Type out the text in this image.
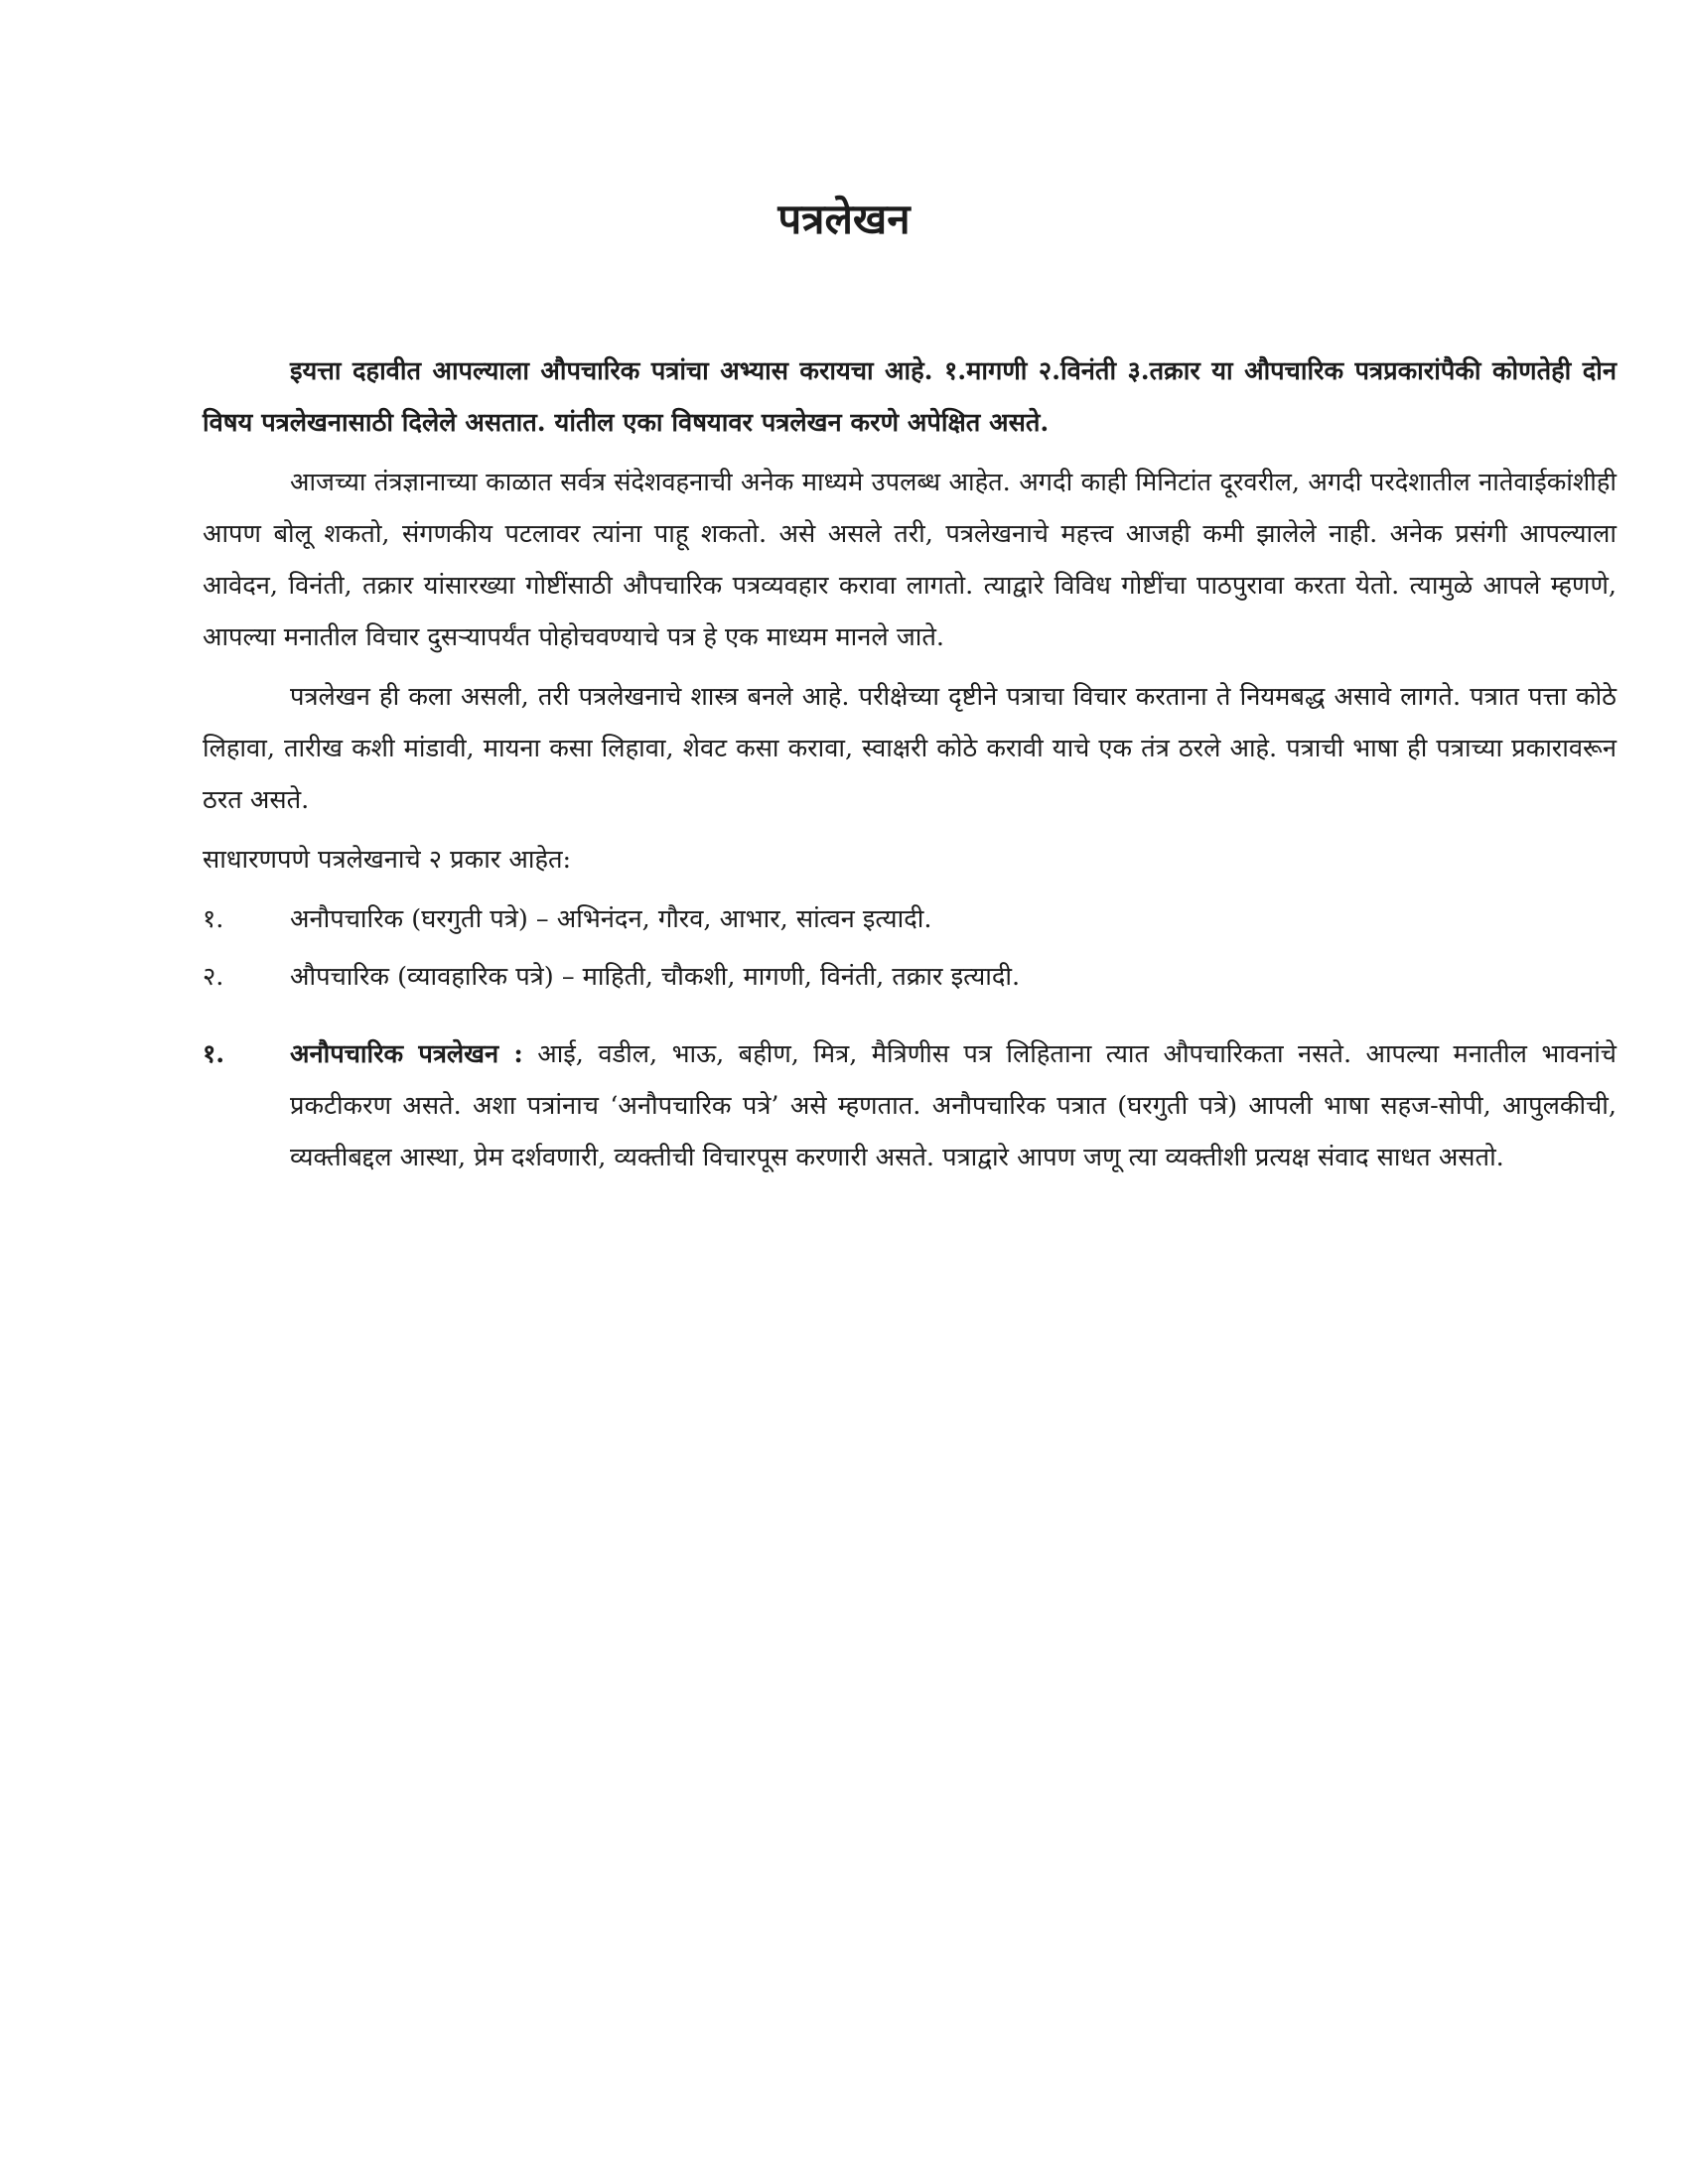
पत्रलेखन

इयत्ता दहावीत आपल्याला औपचारिक पत्रांचा अभ्यास करायचा आहे. १.मागणी २.विनंती ३.तक्रार या औपचारिक पत्रप्रकारांपैकी कोणतेही दोन विषय पत्रलेखनासाठी दिलेले असतात. यांतील एका विषयावर पत्रलेखन करणे अपेक्षित असते.

आजच्या तंत्रज्ञानाच्या काळात सर्वत्र संदेशवहनाची अनेक माध्यमे उपलब्ध आहेत. अगदी काही मिनिटांत दूरवरील, अगदी परदेशातील नातेवाईकांशीही आपण बोलू शकतो, संगणकीय पटलावर त्यांना पाहू शकतो. असे असले तरी, पत्रलेखनाचे महत्त्व आजही कमी झालेले नाही. अनेक प्रसंगी आपल्याला आवेदन, विनंती, तक्रार यांसारख्या गोष्टींसाठी औपचारिक पत्रव्यवहार करावा लागतो. त्याद्वारे विविध गोष्टींचा पाठपुरावा करता येतो. त्यामुळे आपले म्हणणे, आपल्या मनातील विचार दुसऱ्यापर्यंत पोहोचवण्याचे पत्र हे एक माध्यम मानले जाते.

पत्रलेखन ही कला असली, तरी पत्रलेखनाचे शास्त्र बनले आहे. परीक्षेच्या दृष्टीने पत्राचा विचार करताना ते नियमबद्ध असावे लागते. पत्रात पत्ता कोठे लिहावा, तारीख कशी मांडावी, मायना कसा लिहावा, शेवट कसा करावा, स्वाक्षरी कोठे करावी याचे एक तंत्र ठरले आहे. पत्राची भाषा ही पत्राच्या प्रकारावरून ठरत असते.

साधारणपणे पत्रलेखनाचे २ प्रकार आहेत:

१.	अनौपचारिक (घरगुती पत्रे) – अभिनंदन, गौरव, आभार, सांत्वन इत्यादी.
२.	औपचारिक (व्यावहारिक पत्रे) – माहिती, चौकशी, मागणी, विनंती, तक्रार इत्यादी.
१.	अनौपचारिक पत्रलेखन : आई, वडील, भाऊ, बहीण, मित्र, मैत्रिणीस पत्र लिहिताना त्यात औपचारिकता नसते. आपल्या मनातील भावनांचे प्रकटीकरण असते. अशा पत्रांनाच ‘अनौपचारिक पत्रे’ असे म्हणतात. अनौपचारिक पत्रात (घरगुती पत्रे) आपली भाषा सहज-सोपी, आपुलकीची, व्यक्तीबद्दल आस्था, प्रेम दर्शवणारी, व्यक्तीची विचारपूस करणारी असते. पत्राद्वारे आपण जणू त्या व्यक्तीशी प्रत्यक्ष संवाद साधत असतो.
